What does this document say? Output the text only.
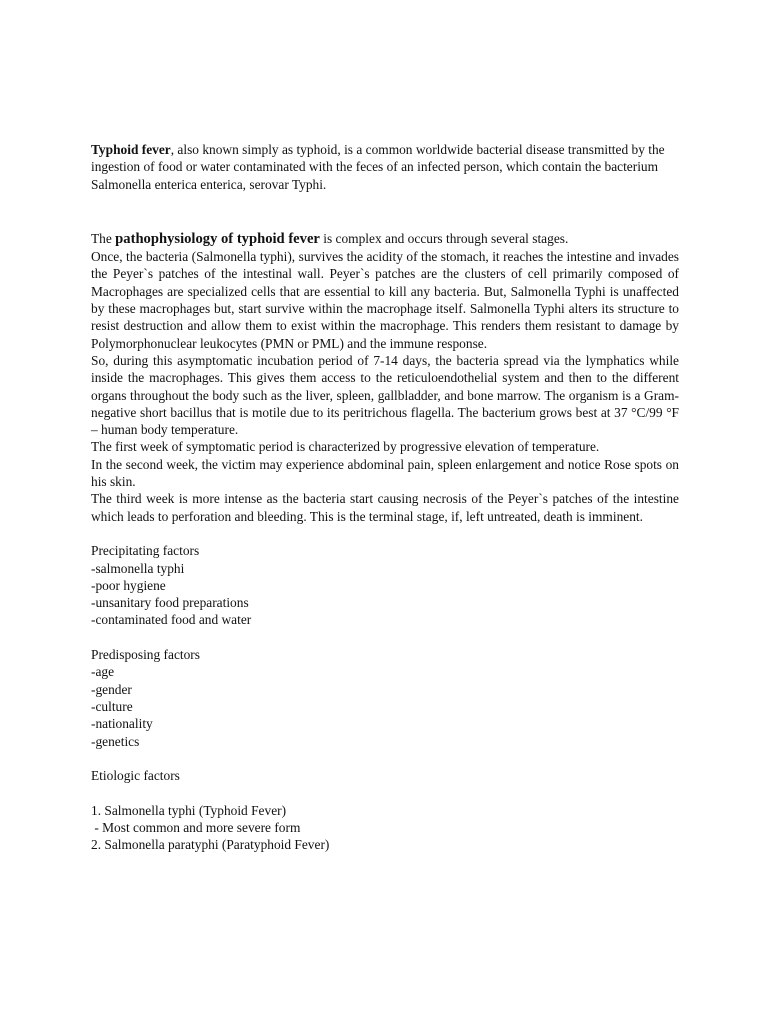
Typhoid fever, also known simply as typhoid, is a common worldwide bacterial disease transmitted by the ingestion of food or water contaminated with the feces of an infected person, which contain the bacterium Salmonella enterica enterica, serovar Typhi.

The pathophysiology of typhoid fever is complex and occurs through several stages.

Once, the bacteria (Salmonella typhi), survives the acidity of the stomach, it reaches the intestine and invades the Peyer`s patches of the intestinal wall. Peyer`s patches are the clusters of cell primarily composed of Macrophages are specialized cells that are essential to kill any bacteria. But, Salmonella Typhi is unaffected by these macrophages but, start survive within the macrophage itself. Salmonella Typhi alters its structure to resist destruction and allow them to exist within the macrophage. This renders them resistant to damage by Polymorphonuclear leukocytes (PMN or PML) and the immune response.

So, during this asymptomatic incubation period of 7-14 days, the bacteria spread via the lymphatics while inside the macrophages. This gives them access to the reticuloendothelial system and then to the different organs throughout the body such as the liver, spleen, gallbladder, and bone marrow. The organism is a Gram-negative short bacillus that is motile due to its peritrichous flagella. The bacterium grows best at 37 °C/99 °F – human body temperature.

The first week of symptomatic period is characterized by progressive elevation of temperature.

In the second week, the victim may experience abdominal pain, spleen enlargement and notice Rose spots on his skin.

The third week is more intense as the bacteria start causing necrosis of the Peyer`s patches of the intestine which leads to perforation and bleeding. This is the terminal stage, if, left untreated, death is imminent.

Precipitating factors
-salmonella typhi
-poor hygiene
-unsanitary food preparations
-contaminated food and water
Predisposing factors
-age
-gender
-culture
-nationality
-genetics
Etiologic factors
1. Salmonella typhi (Typhoid Fever)
- Most common and more severe form
2. Salmonella paratyphi (Paratyphoid Fever)
